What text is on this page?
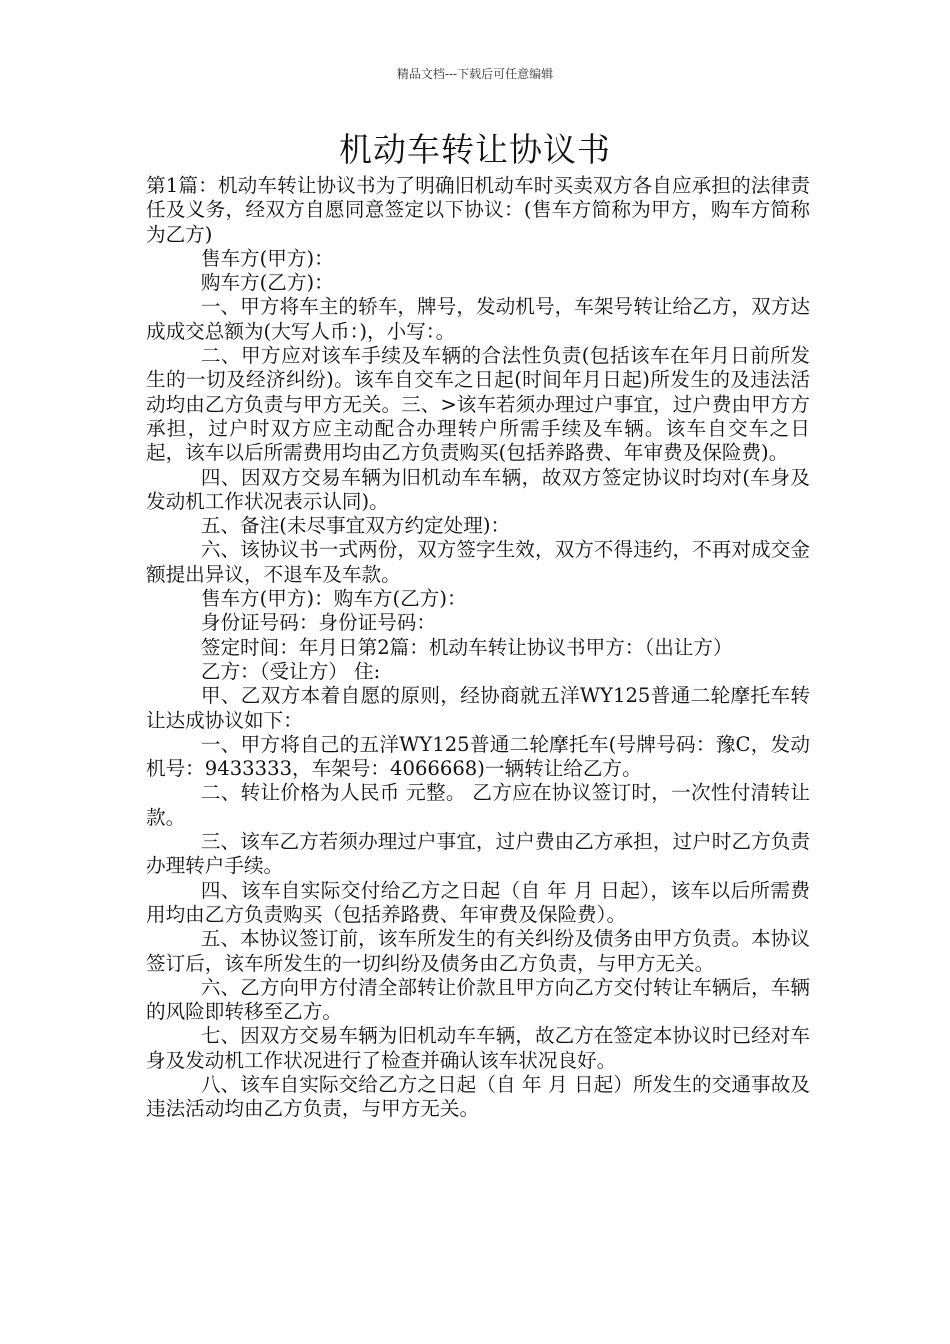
精品文档---下载后可任意编辑
机动车转让协议书

第1篇：机动车转让协议书为了明确旧机动车时买卖双方各自应承担的法律责任及义务，经双方自愿同意签定以下协议：(售车方简称为甲方，购车方简称为乙方)

售车方(甲方)：

购车方(乙方)：

一、甲方将车主的轿车，牌号，发动机号，车架号转让给乙方，双方达成成交总额为(大写人币：)，小写：。

二、甲方应对该车手续及车辆的合法性负责(包括该车在年月日前所发生的一切及经济纠纷)。该车自交车之日起(时间年月日起)所发生的及违法活动均由乙方负责与甲方无关。三、>该车若须办理过户事宜，过户费由甲方方承担，过户时双方应主动配合办理转户所需手续及车辆。该车自交车之日起，该车以后所需费用均由乙方负责购买(包括养路费、年审费及保险费)。

四、因双方交易车辆为旧机动车车辆，故双方签定协议时均对(车身及发动机工作状况表示认同)。

五、备注(未尽事宜双方约定处理)：

六、该协议书一式两份，双方签字生效，双方不得违约，不再对成交金额提出异议，不退车及车款。

售车方(甲方)：购车方(乙方)：

身份证号码：身份证号码：

签定时间：年月日第2篇：机动车转让协议书甲方：（出让方）

乙方：（受让方） 住:

甲、乙双方本着自愿的原则，经协商就五洋WY125普通二轮摩托车转让达成协议如下：

一、甲方将自己的五洋WY125普通二轮摩托车(号牌号码：豫C，发动机号：9433333，车架号：4066668)一辆转让给乙方。

二、转让价格为人民币 元整。 乙方应在协议签订时，一次性付清转让款。

三、该车乙方若须办理过户事宜，过户费由乙方承担，过户时乙方负责办理转户手续。

四、该车自实际交付给乙方之日起（自 年 月 日起），该车以后所需费用均由乙方负责购买（包括养路费、年审费及保险费）。

五、本协议签订前，该车所发生的有关纠纷及债务由甲方负责。本协议签订后，该车所发生的一切纠纷及债务由乙方负责，与甲方无关。

六、乙方向甲方付清全部转让价款且甲方向乙方交付转让车辆后，车辆的风险即转移至乙方。

七、因双方交易车辆为旧机动车车辆，故乙方在签定本协议时已经对车身及发动机工作状况进行了检查并确认该车状况良好。

八、该车自实际交给乙方之日起（自 年 月 日起）所发生的交通事故及违法活动均由乙方负责，与甲方无关。
